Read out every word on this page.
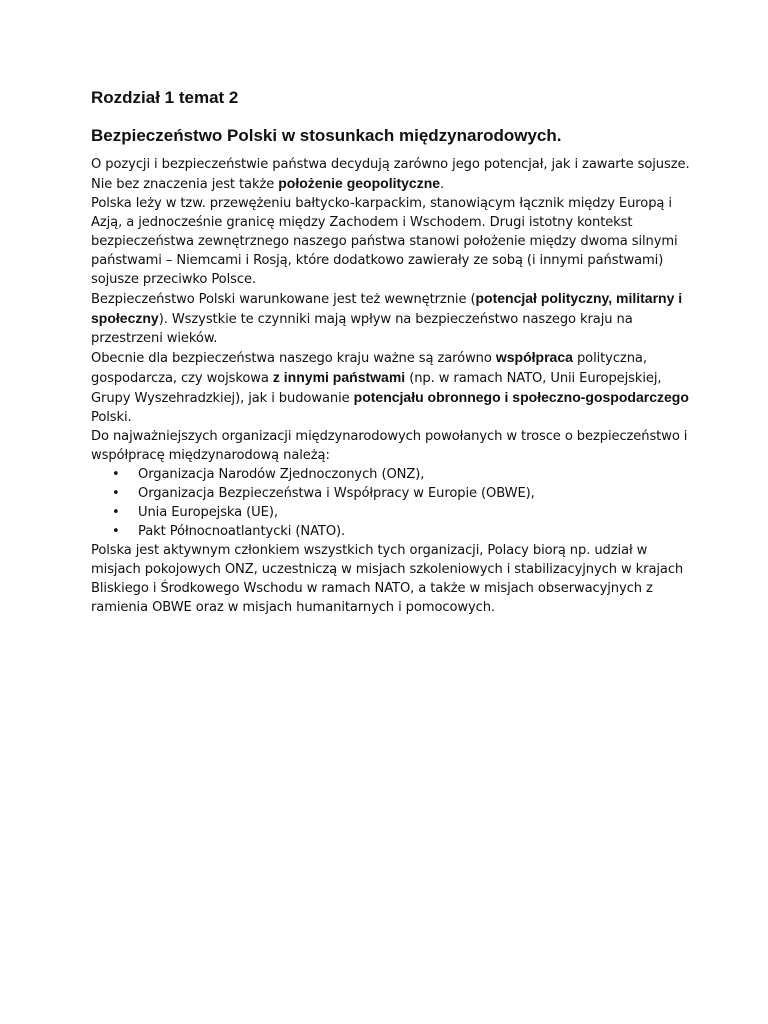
Rozdział 1 temat 2
Bezpieczeństwo Polski w stosunkach międzynarodowych.

O pozycji i bezpieczeństwie państwa decydują zarówno jego potencjał, jak i zawarte sojusze. Nie bez znaczenia jest także położenie geopolityczne.

Polska leży w tzw. przewężeniu bałtycko-karpackim, stanowiącym łącznik między Europą i Azją, a jednocześnie granicę między Zachodem i Wschodem. Drugi istotny kontekst bezpieczeństwa zewnętrznego naszego państwa stanowi położenie między dwoma silnymi państwami – Niemcami i Rosją, które dodatkowo zawierały ze sobą (i innymi państwami) sojusze przeciwko Polsce.

Bezpieczeństwo Polski warunkowane jest też wewnętrznie (potencjał polityczny, militarny i społeczny). Wszystkie te czynniki mają wpływ na bezpieczeństwo naszego kraju na przestrzeni wieków.

Obecnie dla bezpieczeństwa naszego kraju ważne są zarówno współpraca polityczna, gospodarcza, czy wojskowa z innymi państwami (np. w ramach NATO, Unii Europejskiej, Grupy Wyszehradzkiej), jak i budowanie potencjału obronnego i społeczno-gospodarczego Polski.

Do najważniejszych organizacji międzynarodowych powołanych w trosce o bezpieczeństwo i współpracę międzynarodową należą:

• Organizacja Narodów Zjednoczonych (ONZ),
• Organizacja Bezpieczeństwa i Współpracy w Europie (OBWE),
• Unia Europejska (UE),
• Pakt Północnoatlantycki (NATO).

Polska jest aktywnym członkiem wszystkich tych organizacji, Polacy biorą np. udział w misjach pokojowych ONZ, uczestniczą w misjach szkoleniowych i stabilizacyjnych w krajach Bliskiego i Środkowego Wschodu w ramach NATO, a także w misjach obserwacyjnych z ramienia OBWE oraz w misjach humanitarnych i pomocowych.
